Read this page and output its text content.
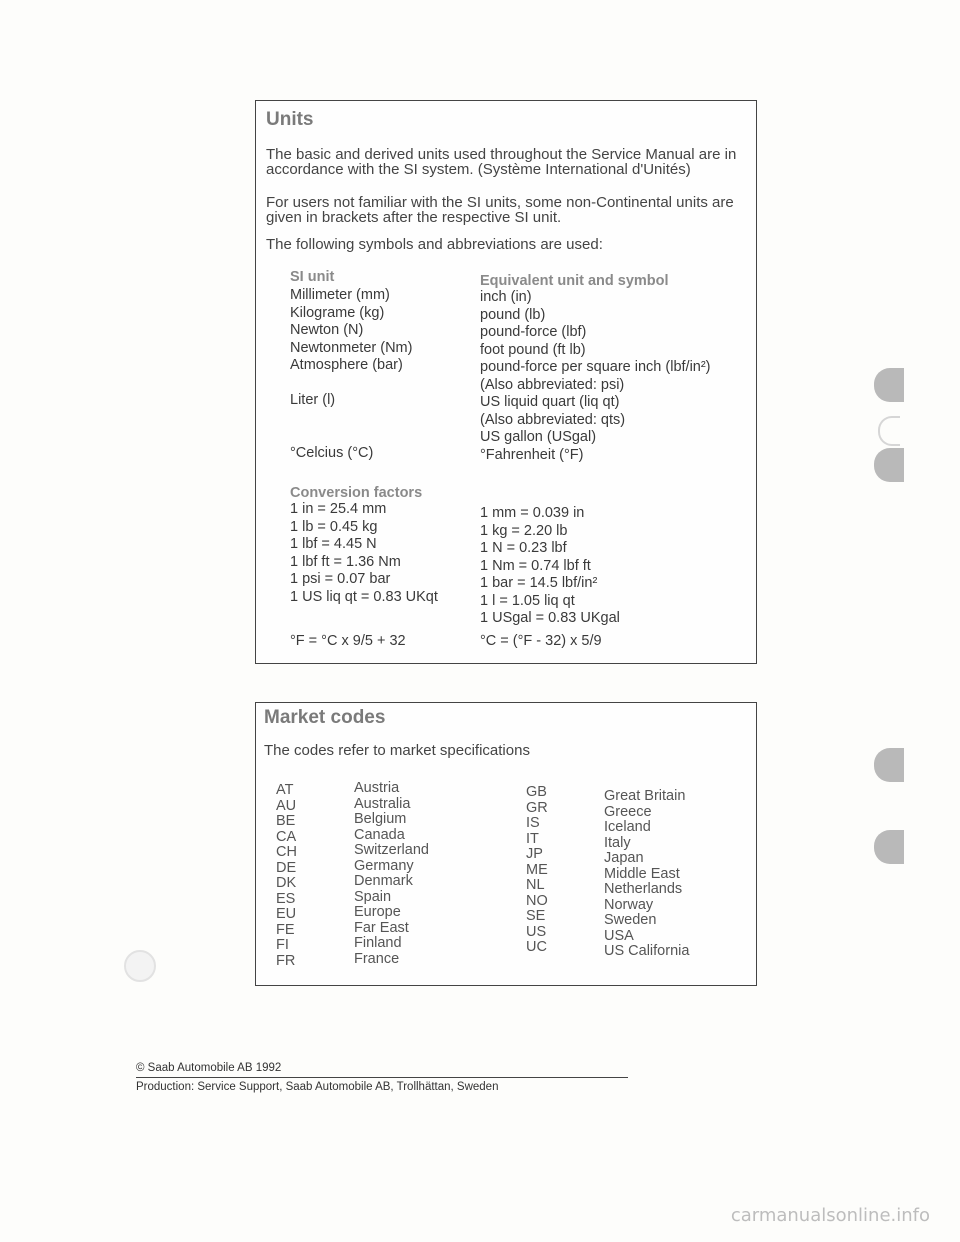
Units
The basic and derived units used throughout the Service Manual are in
accordance with the SI system. (Système International d'Unités)
For users not familiar with the SI units, some non-Continental units are
given in brackets after the respective SI unit.
The following symbols and abbreviations are used:
SI unit	Equivalent unit and symbol
Millimeter (mm)
Kilograme (kg)
Newton (N)
Newtonmeter (Nm)
Atmosphere (bar)
Liter (l)
°Celcius (°C)
inch (in)
pound (lb)
pound-force (lbf)
foot pound (ft lb)
pound-force per square inch (lbf/in²)
(Also abbreviated: psi)
US liquid quart (liq qt)
(Also abbreviated: qts)
US gallon (USgal)
°Fahrenheit (°F)
Conversion factors
1 in = 25.4 mm
1 lb = 0.45 kg
1 lbf = 4.45 N
1 lbf ft = 1.36 Nm
1 psi = 0.07 bar
1 US liq qt = 0.83 UKqt
1 mm = 0.039 in
1 kg = 2.20 lb
1 N = 0.23 lbf
1 Nm = 0.74 lbf ft
1 bar = 14.5 lbf/in²
1 l = 1.05 liq qt
1 USgal = 0.83 UKgal
°F = °C x 9/5 + 32	°C = (°F - 32) x 5/9
Market codes
The codes refer to market specifications
AT
AU
BE
CA
CH
DE
DK
ES
EU
FE
FI
FR
Austria
Australia
Belgium
Canada
Switzerland
Germany
Denmark
Spain
Europe
Far East
Finland
France
GB
GR
IS
IT
JP
ME
NL
NO
SE
US
UC
Great Britain
Greece
Iceland
Italy
Japan
Middle East
Netherlands
Norway
Sweden
USA
US California
© Saab Automobile AB 1992
Production: Service Support, Saab Automobile AB, Trollhättan, Sweden
carmanualsonline.info
